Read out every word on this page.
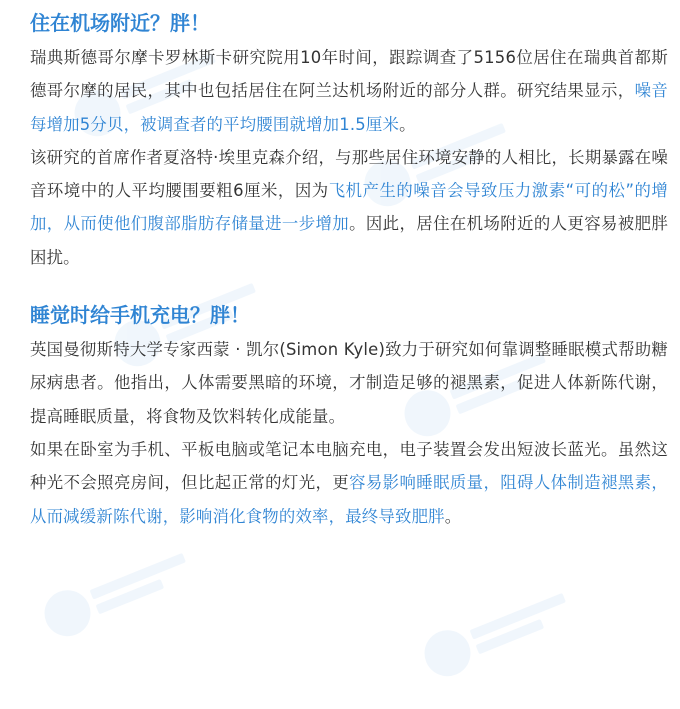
住在机场附近？胖！

瑞典斯德哥尔摩卡罗林斯卡研究院用10年时间，跟踪调查了5156位居住在瑞典首都斯德哥尔摩的居民，其中也包括居住在阿兰达机场附近的部分人群。研究结果显示，噪音每增加5分贝，被调查者的平均腰围就增加1.5厘米。

该研究的首席作者夏洛特·埃里克森介绍，与那些居住环境安静的人相比，长期暴露在噪音环境中的人平均腰围要粗6厘米，因为飞机产生的噪音会导致压力激素“可的松”的增加，从而使他们腹部脂肪存储量进一步增加。因此，居住在机场附近的人更容易被肥胖困扰。

睡觉时给手机充电？胖！

英国曼彻斯特大学专家西蒙 · 凯尔(Simon Kyle)致力于研究如何靠调整睡眠模式帮助糖尿病患者。他指出，人体需要黑暗的环境，才制造足够的褪黑素，促进人体新陈代谢，提高睡眠质量，将食物及饮料转化成能量。

如果在卧室为手机、平板电脑或笔记本电脑充电，电子装置会发出短波长蓝光。虽然这种光不会照亮房间，但比起正常的灯光，更容易影响睡眠质量，阻碍人体制造褪黑素，从而减缓新陈代谢，影响消化食物的效率，最终导致肥胖。
